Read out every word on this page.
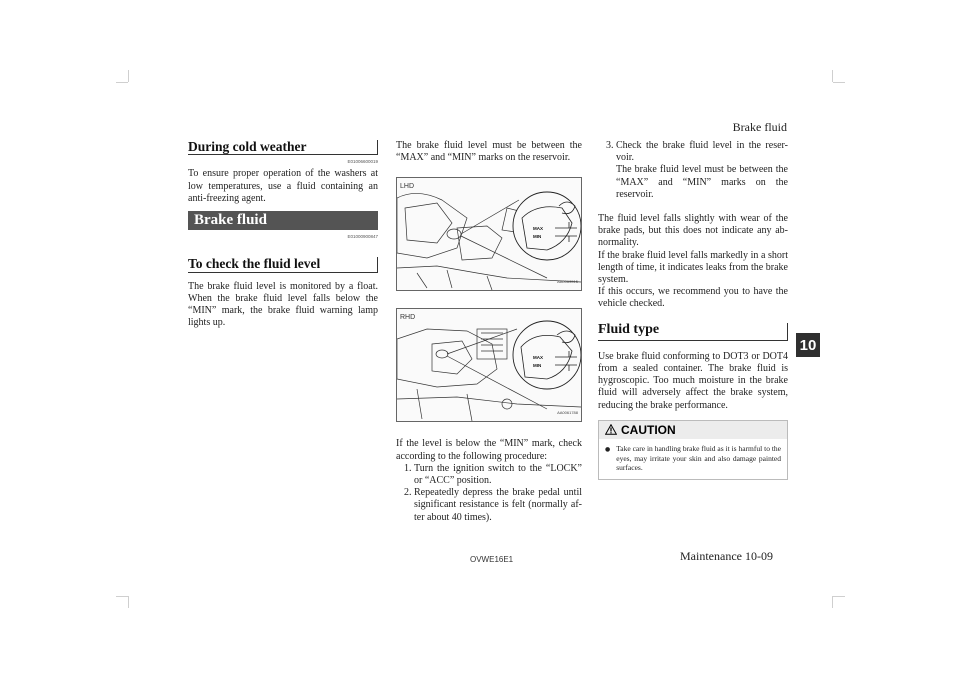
Brake fluid
During cold weather
E01006600019

To ensure proper operation of the washers at low temperatures, use a fluid containing an anti-freezing agent.

Brake fluid
E01000900847
To check the fluid level

The brake fluid level is monitored by a float. When the brake fluid level falls below the “MIN” mark, the brake fluid warning lamp lights up.

The brake fluid level must be between the “MAX” and “MIN” marks on the reservoir.

MAX
MIN
LHD
AA0063515
MAX
MIN
RHD
AA0061788

If the level is below the “MIN” mark, check according to the following procedure:

1. Turn the ignition switch to the “LOCK” or “ACC” position.
2. Repeatedly depress the brake pedal until significant resistance is felt (normally af-ter about 40 times).
3. Check the brake fluid level in the reser-voir.
The brake fluid level must be between the “MAX” and “MIN” marks on the reservoir.

The fluid level falls slightly with wear of the brake pads, but this does not indicate any ab-normality.

If the brake fluid level falls markedly in a short length of time, it indicates leaks from the brake system.

If this occurs, we recommend you to have the vehicle checked.

Fluid type

Use brake fluid conforming to DOT3 or DOT4 from a sealed container. The brake fluid is hygroscopic. Too much moisture in the brake fluid will adversely affect the brake system, reducing the brake performance.

CAUTION
● Take care in handling brake fluid as it is harmful to the eyes, may irritate your skin and also damage painted surfaces.
10
OVWE16E1	Maintenance 10-09
